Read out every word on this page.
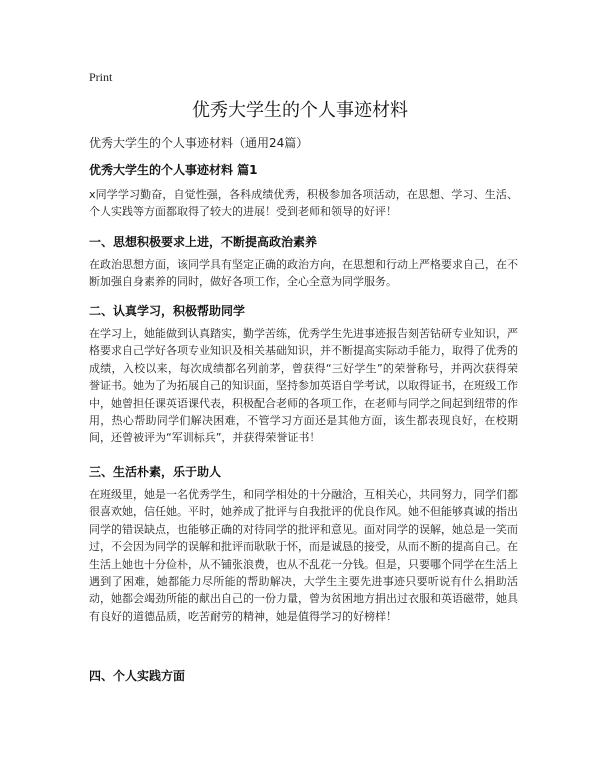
Print
优秀大学生的个人事迹材料
优秀大学生的个人事迹材料（通用24篇）
优秀大学生的个人事迹材料 篇1

x同学学习勤奋，自觉性强，各科成绩优秀，积极参加各项活动，在思想、学习、生活、个人实践等方面都取得了较大的进展！受到老师和领导的好评！

一、思想积极要求上进，不断提高政治素养

在政治思想方面，该同学具有坚定正确的政治方向，在思想和行动上严格要求自己，在不断加强自身素养的同时，做好各项工作，全心全意为同学服务。

二、认真学习，积极帮助同学

在学习上，她能做到认真踏实，勤学苦练，优秀学生先进事迹报告刻苦钻研专业知识，严格要求自己学好各项专业知识及相关基础知识，并不断提高实际动手能力，取得了优秀的成绩，入校以来，每次成绩都名列前茅，曾获得“三好学生”的荣誉称号，并两次获得荣誉证书。她为了为拓展自己的知识面，坚持参加英语自学考试，以取得证书，在班级工作中，她曾担任课英语课代表，积极配合老师的各项工作，在老师与同学之间起到纽带的作用，热心帮助同学们解决困难，不管学习方面还是其他方面，该生都表现良好，在校期间，还曾被评为“军训标兵”，并获得荣誉证书！

三、生活朴素，乐于助人

在班级里，她是一名优秀学生，和同学相处的十分融洽，互相关心，共同努力，同学们都很喜欢她，信任她。平时，她养成了批评与自我批评的优良作风。她不但能够真诚的指出同学的错误缺点，也能够正确的对待同学的批评和意见。面对同学的误解，她总是一笑而过，不会因为同学的误解和批评而耿耿于怀，而是诚恳的接受，从而不断的提高自己。在生活上她也十分俭朴，从不铺张浪费，也从不乱花一分钱。但是，只要哪个同学在生活上遇到了困难，她都能力尽所能的帮助解决，大学生主要先进事迹只要听说有什么捐助活动，她都会竭劲所能的献出自己的一份力量，曾为贫困地方捐出过衣服和英语磁带，她具有良好的道德品质，吃苦耐劳的精神，她是值得学习的好榜样！

四、个人实践方面
